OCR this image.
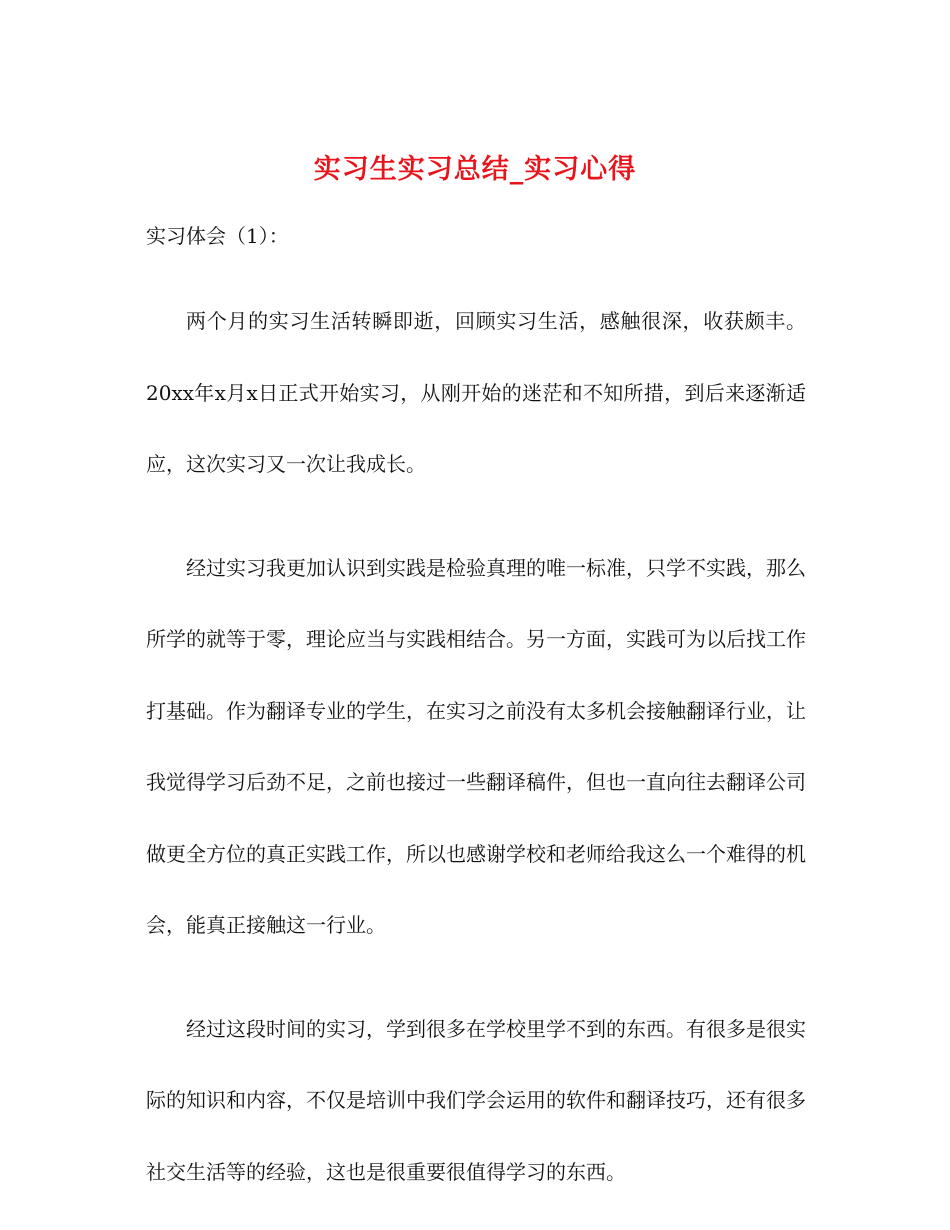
实习生实习总结_实习心得

实习体会（1）：

两个月的实习生活转瞬即逝，回顾实习生活，感触很深，收获颇丰。20xx年x月x日正式开始实习，从刚开始的迷茫和不知所措，到后来逐渐适应，这次实习又一次让我成长。

经过实习我更加认识到实践是检验真理的唯一标准，只学不实践，那么所学的就等于零，理论应当与实践相结合。另一方面，实践可为以后找工作打基础。作为翻译专业的学生，在实习之前没有太多机会接触翻译行业，让我觉得学习后劲不足，之前也接过一些翻译稿件，但也一直向往去翻译公司做更全方位的真正实践工作，所以也感谢学校和老师给我这么一个难得的机会，能真正接触这一行业。

经过这段时间的实习，学到很多在学校里学不到的东西。有很多是很实际的知识和内容，不仅是培训中我们学会运用的软件和翻译技巧，还有很多社交生活等的经验，这也是很重要很值得学习的东西。
